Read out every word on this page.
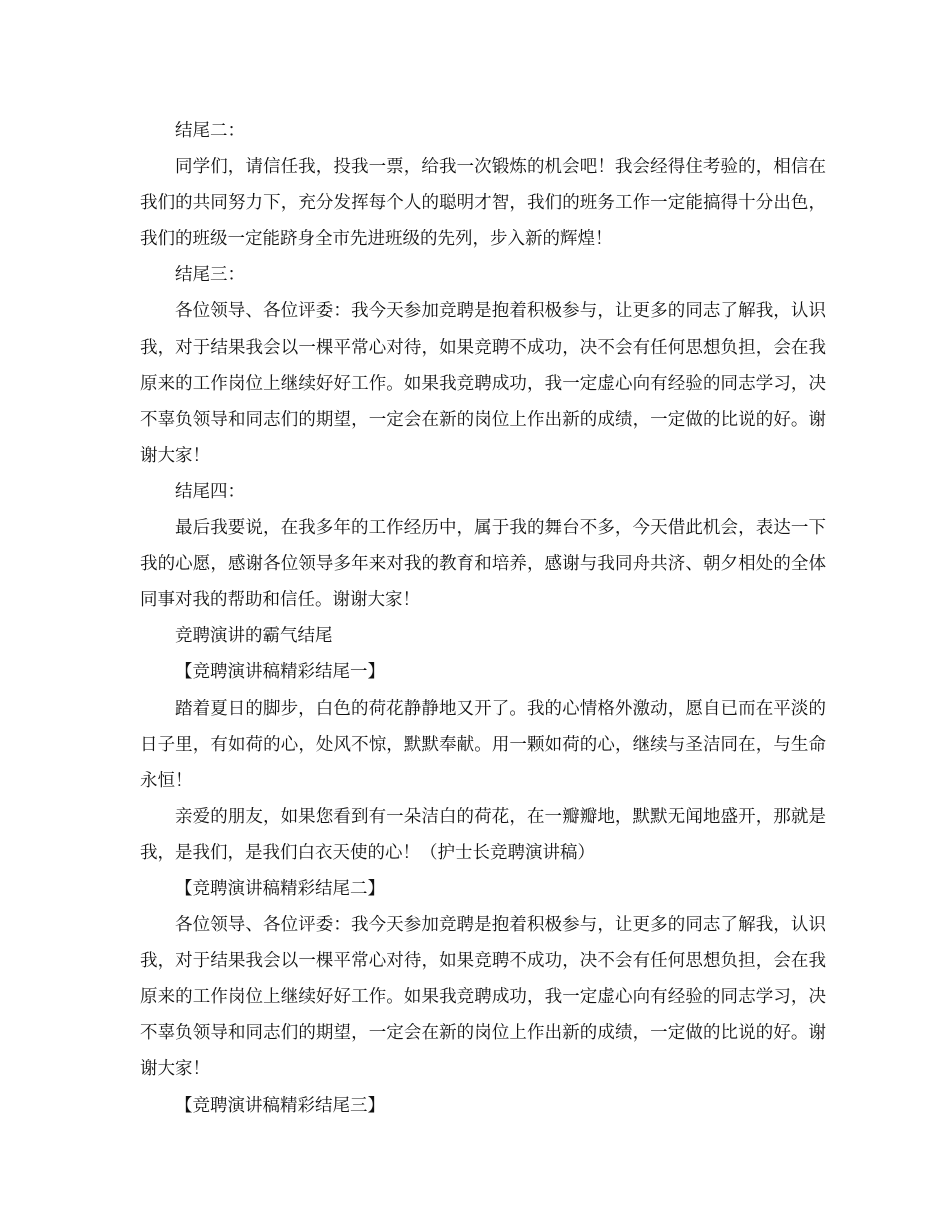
结尾二：

同学们，请信任我，投我一票，给我一次锻炼的机会吧！我会经得住考验的，相信在我们的共同努力下，充分发挥每个人的聪明才智，我们的班务工作一定能搞得十分出色，我们的班级一定能跻身全市先进班级的先列，步入新的辉煌！

结尾三：

各位领导、各位评委：我今天参加竞聘是抱着积极参与，让更多的同志了解我，认识我，对于结果我会以一棵平常心对待，如果竞聘不成功，决不会有任何思想负担，会在我原来的工作岗位上继续好好工作。如果我竞聘成功，我一定虚心向有经验的同志学习，决不辜负领导和同志们的期望，一定会在新的岗位上作出新的成绩，一定做的比说的好。谢谢大家！

结尾四：

最后我要说，在我多年的工作经历中，属于我的舞台不多，今天借此机会，表达一下我的心愿，感谢各位领导多年来对我的教育和培养，感谢与我同舟共济、朝夕相处的全体同事对我的帮助和信任。谢谢大家！

竞聘演讲的霸气结尾

【竞聘演讲稿精彩结尾一】

踏着夏日的脚步，白色的荷花静静地又开了。我的心情格外激动，愿自已而在平淡的日子里，有如荷的心，处风不惊，默默奉献。用一颗如荷的心，继续与圣洁同在，与生命永恒！

亲爱的朋友，如果您看到有一朵洁白的荷花，在一瓣瓣地，默默无闻地盛开，那就是我，是我们，是我们白衣天使的心！（护士长竞聘演讲稿）

【竞聘演讲稿精彩结尾二】

各位领导、各位评委：我今天参加竞聘是抱着积极参与，让更多的同志了解我，认识我，对于结果我会以一棵平常心对待，如果竞聘不成功，决不会有任何思想负担，会在我原来的工作岗位上继续好好工作。如果我竞聘成功，我一定虚心向有经验的同志学习，决不辜负领导和同志们的期望，一定会在新的岗位上作出新的成绩，一定做的比说的好。谢谢大家！

【竞聘演讲稿精彩结尾三】
